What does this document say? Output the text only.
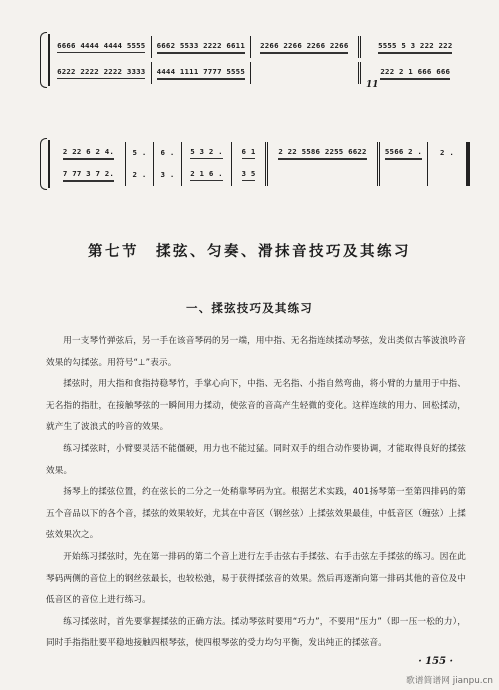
6666 4444 4444 5555 6662 5533 2222 6611 2266 2266 2266 2266	5555 5 3 222 222
6222 2222 2222 3333 4444 1111 7777 5555	222 2 1 666 666
11
2 22 6 2 4. 5 . 6 . 5 3 2 .	6 1	2 22 5586 2255 6622 5566 2 . 2 .
7 77 3 7 2. 2 . 3 . 2 1 6 .	3 5
第七节　揉弦、匀奏、滑抹音技巧及其练习
一、揉弦技巧及其练习

用一支琴竹弹弦后，另一手在该音琴码的另一端，用中指、无名指连续揉动琴弦，发出类似古筝波浪吟音效果的勾揉弦。用符号“⊥”表示。

揉弦时，用大指和食指持稳琴竹，手掌心向下，中指、无名指、小指自然弯曲，将小臂的力量用于中指、无名指的指肚，在接触琴弦的一瞬间用力揉动，使弦音的音高产生轻微的变化。这样连续的用力、回松揉动，就产生了波浪式的吟音的效果。

练习揉弦时，小臂要灵活不能僵硬，用力也不能过猛。同时双手的组合动作要协调，才能取得良好的揉弦效果。

扬琴上的揉弦位置，约在弦长的二分之一处稍靠琴码为宜。根据艺术实践，401扬琴第一至第四排码的第五个音品以下的各个音，揉弦的效果较好，尤其在中音区（钢丝弦）上揉弦效果最佳，中低音区（缠弦）上揉弦效果次之。

开始练习揉弦时，先在第一排码的第二个音上进行左手击弦右手揉弦、右手击弦左手揉弦的练习。因在此琴码两侧的音位上的钢丝弦最长，也较松弛，易于获得揉弦音的效果。然后再逐渐向第一排码其他的音位及中低音区的音位上进行练习。

练习揉弦时，首先要掌握揉弦的正确方法。揉动琴弦时要用“巧力”，不要用“压力”（即一压一松的力），同时手指指肚要平稳地接触四根琴弦，使四根琴弦的受力均匀平衡，发出纯正的揉弦音。

· 155 ·
歌谱简谱网 jianpu.cn
